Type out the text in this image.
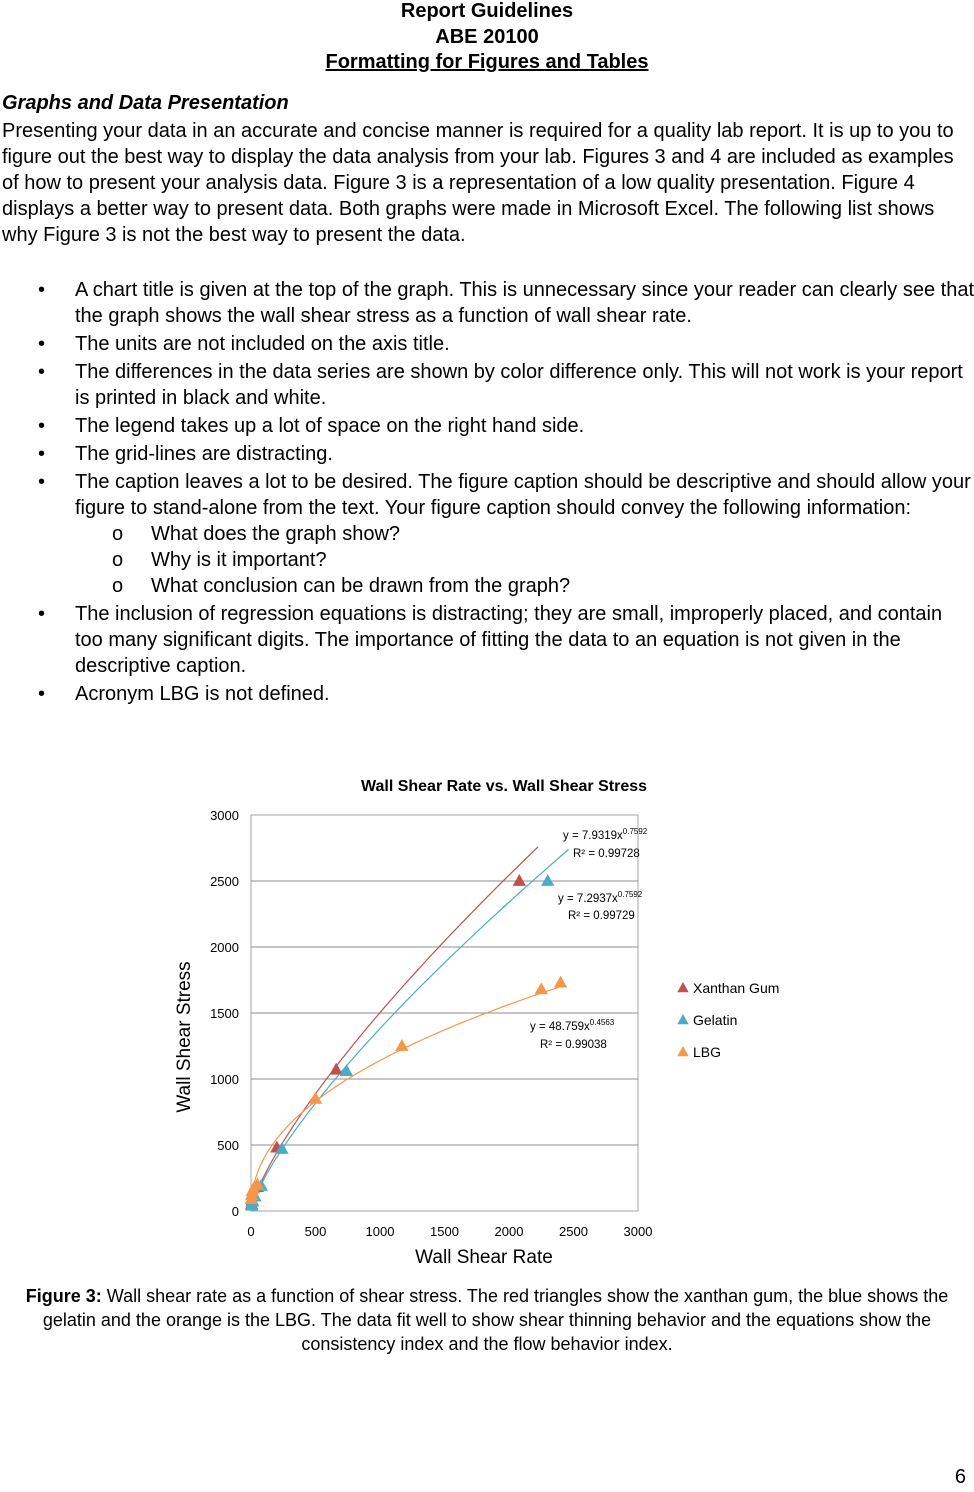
Report Guidelines
ABE 20100
Formatting for Figures and Tables
Graphs and Data Presentation
Presenting your data in an accurate and concise manner is required for a quality lab report. It is up to you to figure out the best way to display the data analysis from your lab. Figures 3 and 4 are included as examples of how to present your analysis data. Figure 3 is a representation of a low quality presentation. Figure 4 displays a better way to present data. Both graphs were made in Microsoft Excel. The following list shows why Figure 3 is not the best way to present the data.
• A chart title is given at the top of the graph. This is unnecessary since your reader can clearly see that the graph shows the wall shear stress as a function of wall shear rate.
• The units are not included on the axis title.
• The differences in the data series are shown by color difference only. This will not work is your report is printed in black and white.
• The legend takes up a lot of space on the right hand side.
• The grid-lines are distracting.
• The caption leaves a lot to be desired. The figure caption should be descriptive and should allow your figure to stand-alone from the text. Your figure caption should convey the following information:
o What does the graph show?
o Why is it important?
o What conclusion can be drawn from the graph?
• The inclusion of regression equations is distracting; they are small, improperly placed, and contain too many significant digits. The importance of fitting the data to an equation is not given in the descriptive caption.
• Acronym LBG is not defined.
Wall Shear Rate vs. Wall Shear Stress
0
500
1000
1500
2000
2500
3000
0	500	1000	1500	2000	2500	3000
$y = 7.9319x^{0.7592}$
R² = 0.99728
$y = 7.2937x^{0.7592}$
R² = 0.99729
$y = 48.759x^{0.4563}$
R² = 0.99038
Xanthan Gum
Gelatin
LBG
Wall Shear Stress
Wall Shear Rate
Figure 3: Wall shear rate as a function of shear stress. The red triangles show the xanthan gum, the blue shows the gelatin and the orange is the LBG. The data fit well to show shear thinning behavior and the equations show the consistency index and the flow behavior index.
6
